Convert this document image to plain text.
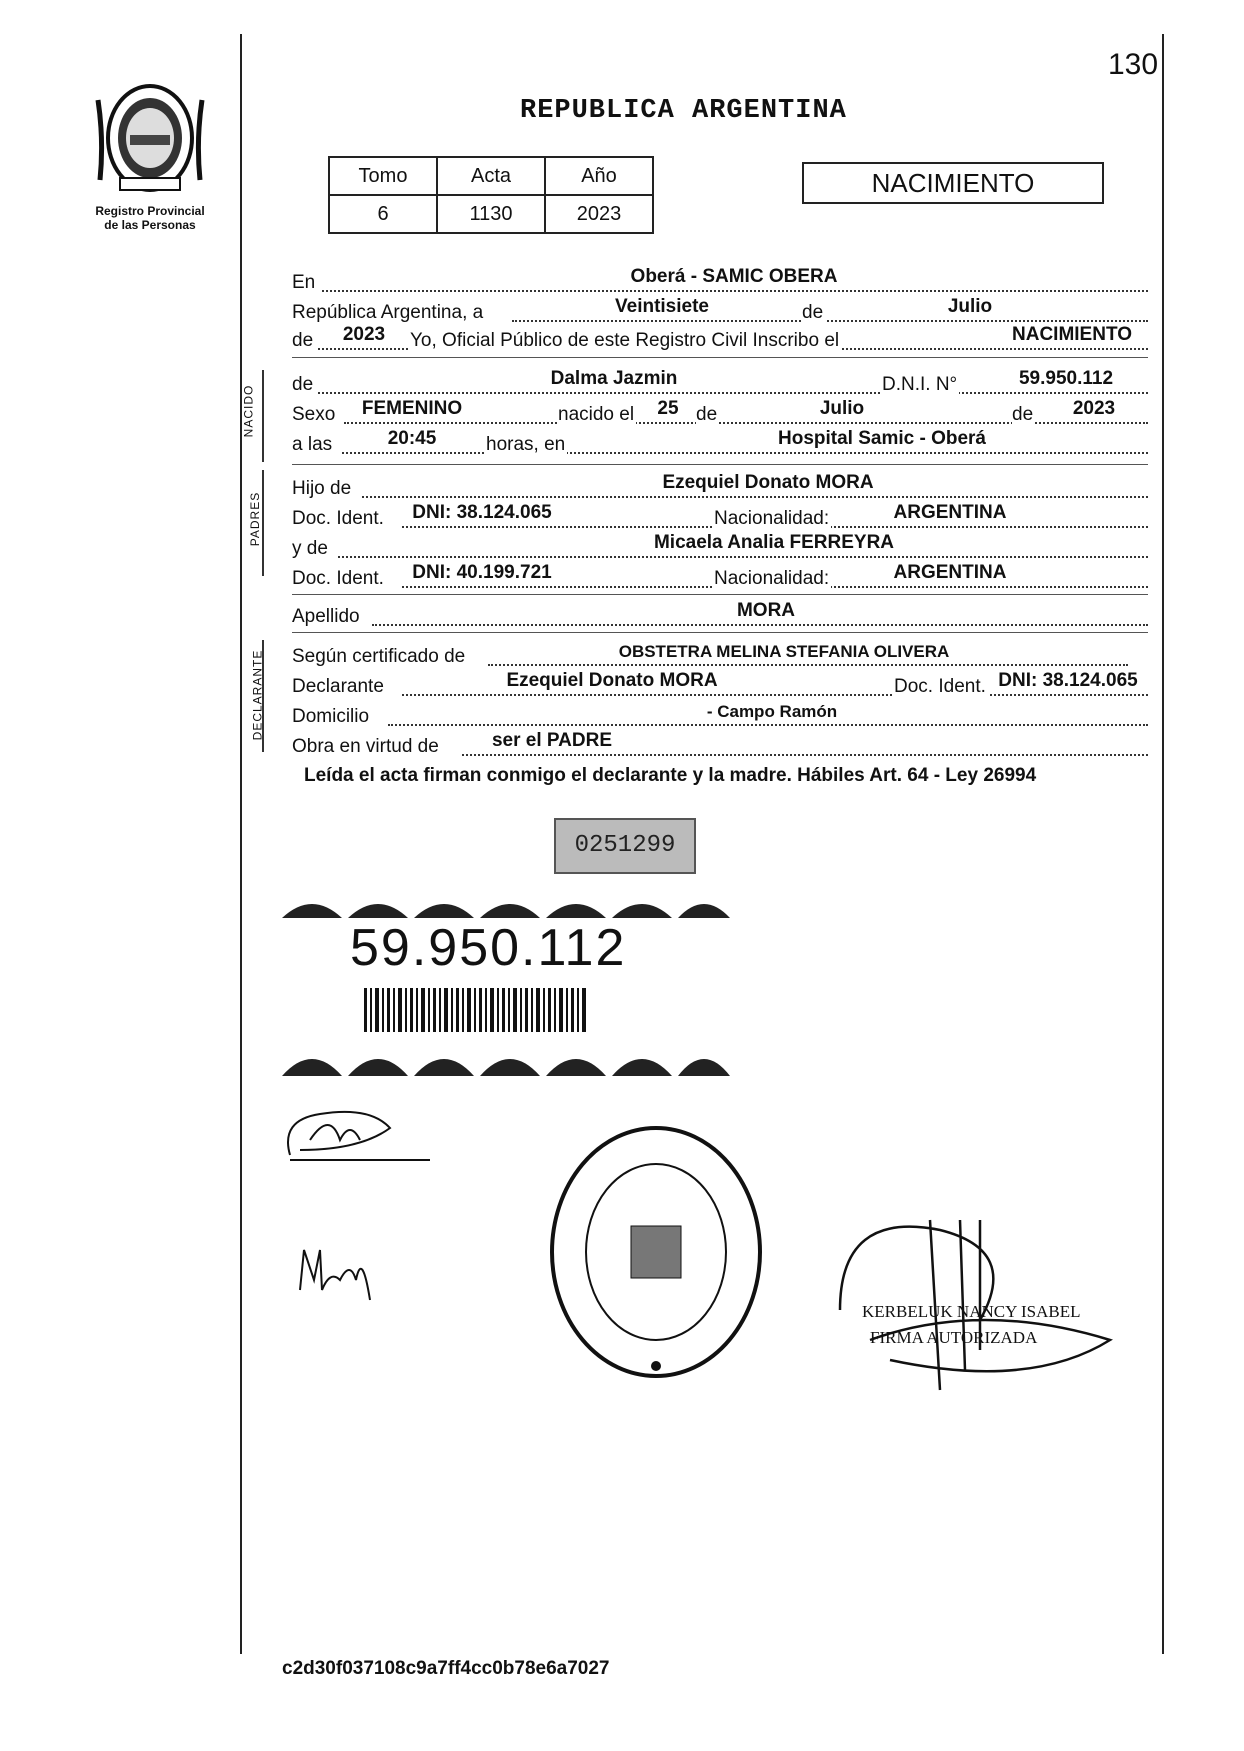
130
Registro Provincial
de las Personas
REPUBLICA ARGENTINA
Tomo	Acta	Año
6	1130	2023
NACIMIENTO
En	Oberá - SAMIC OBERA
República Argentina, a	Veintisiete	de	Julio
de 2023 Yo, Oficial Público de este Registro Civil Inscribo el	NACIMIENTO
NACIDO
de	Dalma Jazmin	D.N.I. N°	59.950.112
Sexo FEMENINO	nacido el 25 de	Julio	de 2023
a las	20:45	horas, en	Hospital Samic - Oberá
PADRES
Hijo de	Ezequiel Donato MORA
Doc. Ident. DNI: 38.124.065	Nacionalidad:	ARGENTINA
y de	Micaela Analia FERREYRA
Doc. Ident. DNI: 40.199.721	Nacionalidad:	ARGENTINA
Apellido	MORA
DECLARANTE Según certificado de	OBSTETRA MELINA STEFANIA OLIVERA
Declarante	Ezequiel Donato MORA	Doc. Ident. DNI: 38.124.065
Domicilio	- Campo Ramón
Obra en virtud de	ser el PADRE
Leída el acta firman conmigo el declarante y la madre. Hábiles Art. 64 - Ley 26994
0251299
59.950.112
KERBELUK NANCY ISABEL
FIRMA AUTORIZADA
c2d30f037108c9a7ff4cc0b78e6a7027
